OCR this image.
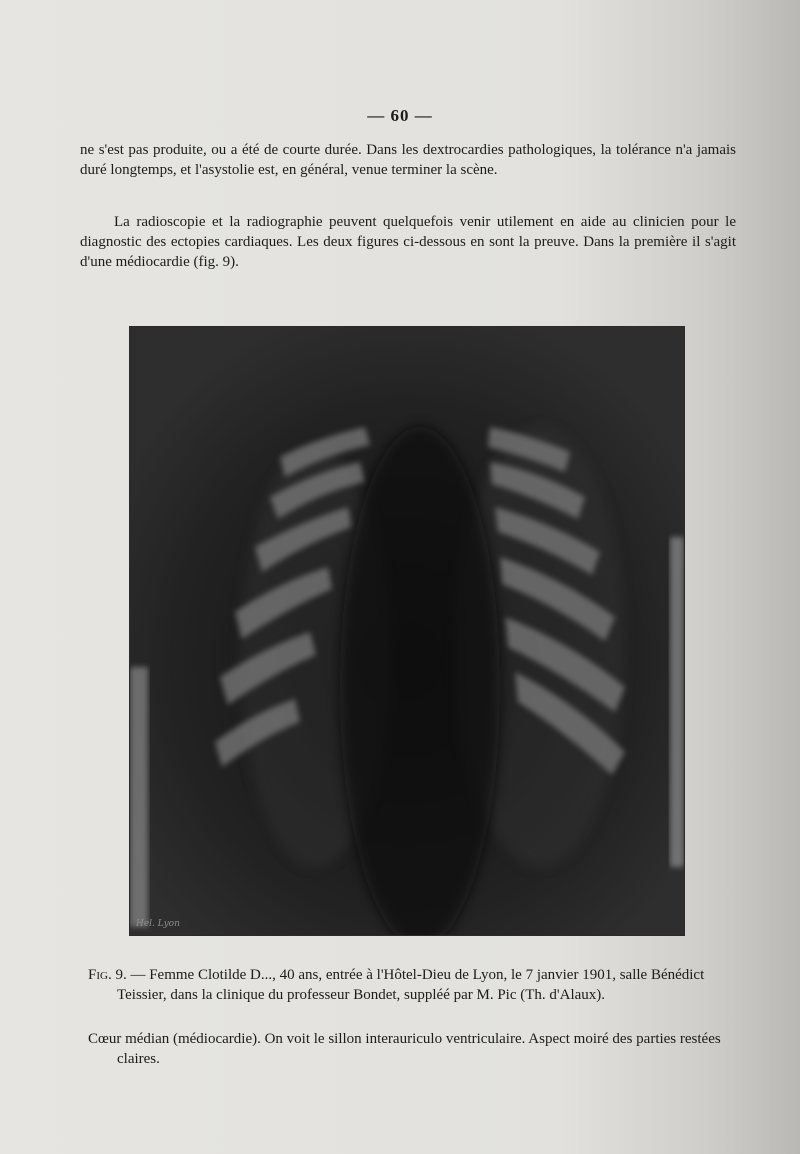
— 60 —

ne s'est pas produite, ou a été de courte durée. Dans les dextrocardies pathologiques, la tolérance n'a jamais duré longtemps, et l'asystolie est, en général, venue terminer la scène.

La radioscopie et la radiographie peuvent quelquefois venir utilement en aide au clinicien pour le diagnostic des ectopies cardiaques. Les deux figures ci-dessous en sont la preuve. Dans la première il s'agit d'une médiocardie (fig. 9).

Hel. Lyon

Fig. 9. — Femme Clotilde D..., 40 ans, entrée à l'Hôtel-Dieu de Lyon, le 7 janvier 1901, salle Bénédict Teissier, dans la clinique du professeur Bondet, suppléé par M. Pic (Th. d'Alaux).

Cœur médian (médiocardie). On voit le sillon interauriculo ventriculaire. Aspect moiré des parties restées claires.
